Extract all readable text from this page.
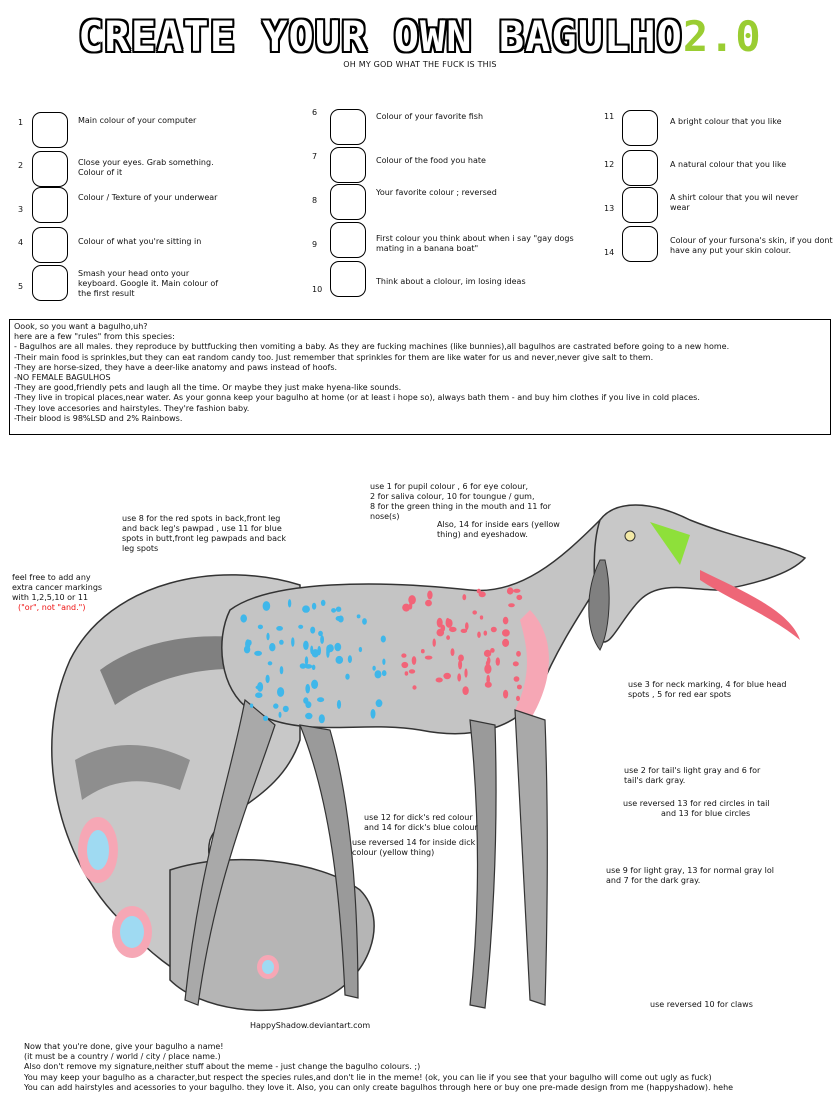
CREATE YOUR OWN BAGULHO2.0
OH MY GOD WHAT THE FUCK IS THIS
1	Main colour of your computer
2	Close your eyes. Grab something. Colour of it
3
Colour / Texture of your underwear
4	Colour of what you're sitting in
5
Smash your head onto your keyboard. Google it. Main colour of the first result
6	Colour of your favorite fish
7	Colour of the food you hate
8
Your favorite colour ; reversed
9
First colour you think about when i say "gay dogs mating in a banana boat"
10
Think about a clolour, im losing ideas
11
A bright colour that you like
12	A natural colour that you like
13
A shirt colour that you wil never wear
14
Colour of your fursona's skin, if you dont have any put your skin colour.
Oook, so you want a bagulho,uh?
here are a few "rules" from this species:
- Bagulhos are all males. they reproduce by buttfucking then vomiting a baby. As they are fucking machines (like bunnies),all bagulhos are castrated before going to a new home.
-Their main food is sprinkles,but they can eat random candy too. Just remember that sprinkles for them are like water for us and never,never give salt to them.
-They are horse-sized, they have a deer-like anatomy and paws instead of hoofs.
-NO FEMALE BAGULHOS
-They are good,friendly pets and laugh all the time. Or maybe they just make hyena-like sounds.
-They live in tropical places,near water. As your gonna keep your bagulho at home (or at least i hope so), always bath them - and buy him clothes if you live in cold places.
-They love accesories and hairstyles. They're fashion baby.
-Their blood is 98%LSD and 2% Rainbows.
use 1 for pupil colour , 6 for eye colour,
2 for saliva colour, 10 for toungue / gum,
8 for the green thing in the mouth and 11 for
nose(s)
Also, 14 for inside ears (yellow
thing) and eyeshadow.
use 8 for the red spots in back,front leg
and back leg's pawpad , use 11 for blue
spots in butt,front leg pawpads and back
leg spots
feel free to add any
extra cancer markings
with 1,2,5,10 or 11
("or", not "and.")
use 3 for neck marking, 4 for blue head
spots , 5 for red ear spots
use 2 for tail's light gray and 6 for
tail's dark gray.
use reversed 13 for red circles in tail
and 13 for blue circles
use 12 for dick's red colour
and 14 for dick's blue colour
use reversed 14 for inside dick
colour (yellow thing)
use 9 for light gray, 13 for normal gray lol
and 7 for the dark gray.
use reversed 10 for claws
HappyShadow.deviantart.com
Now that you're done, give your bagulho a name!
(it must be a country / world / city / place name.)
Also don't remove my signature,neither stuff about the meme - just change the bagulho colours. ;)
You may keep your bagulho as a character,but respect the species rules,and don't lie in the meme! (ok, you can lie if you see that your bagulho will come out ugly as fuck)
You can add hairstyles and acessories to your bagulho. they love it. Also, you can only create bagulhos through here or buy one pre-made design from me (happyshadow). hehe
